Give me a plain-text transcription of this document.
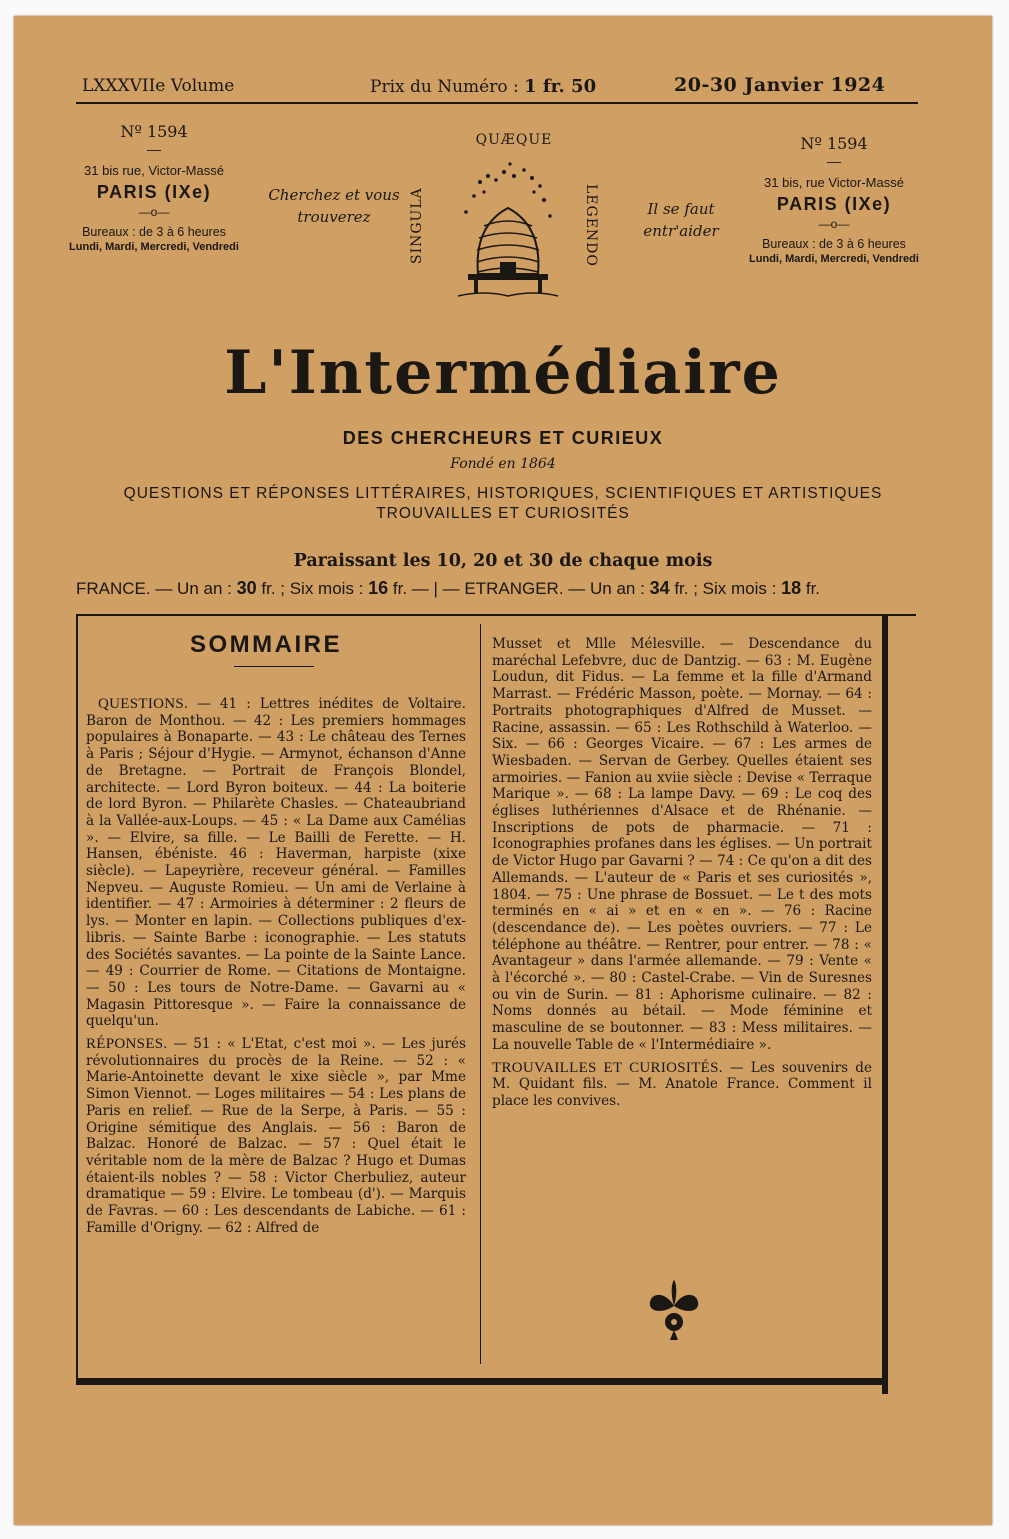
LXXXVIIe Volume	Prix du Numéro : 1 fr. 50	20-30 Janvier 1924
Nº 1594
—
31 bis rue, Victor-Massé
PARIS (IXe)
—o—
Bureaux : de 3 à 6 heures
Lundi, Mardi, Mercredi, Vendredi
Cherchez et vous
trouverez
QUÆQUE
SINGULA	LEGENDO	Il se faut
entr'aider
Nº 1594
—
31 bis, rue Victor-Massé
PARIS (IXe)
—o—
Bureaux : de 3 à 6 heures
Lundi, Mardi, Mercredi, Vendredi
L'Intermédiaire
DES CHERCHEURS ET CURIEUX
Fondé en 1864
QUESTIONS ET RÉPONSES LITTÉRAIRES, HISTORIQUES, SCIENTIFIQUES ET ARTISTIQUES
TROUVAILLES ET CURIOSITÉS
Paraissant les 10, 20 et 30 de chaque mois
FRANCE. — Un an : 30 fr. ; Six mois : 16 fr. — | — ETRANGER. — Un an : 34 fr. ; Six mois : 18 fr.
SOMMAIRE

QUESTIONS. — 41 : Lettres inédites de Voltaire. Baron de Monthou. — 42 : Les premiers hommages populaires à Bonaparte. — 43 : Le château des Ternes à Paris ; Séjour d'Hygie. — Armynot, échanson d'Anne de Bretagne. — Portrait de François Blondel, architecte. — Lord Byron boiteux. — 44 : La boiterie de lord Byron. — Philarète Chasles. — Chateaubriand à la Vallée-aux-Loups. — 45 : « La Dame aux Camélias ». — Elvire, sa fille. — Le Bailli de Ferette. — H. Hansen, ébéniste. 46 : Haverman, harpiste (xixe siècle). — Lapeyrière, receveur général. — Familles Nepveu. — Auguste Romieu. — Un ami de Verlaine à identifier. — 47 : Armoiries à déterminer : 2 fleurs de lys. — Monter en lapin. — Collections publiques d'ex-libris. — Sainte Barbe : iconographie. — Les statuts des Sociétés savantes. — La pointe de la Sainte Lance. — 49 : Courrier de Rome. — Citations de Montaigne. — 50 : Les tours de Notre-Dame. — Gavarni au « Magasin Pittoresque ». — Faire la connaissance de quelqu'un.

RÉPONSES. — 51 : « L'Etat, c'est moi ». — Les jurés révolutionnaires du procès de la Reine. — 52 : « Marie-Antoinette devant le xixe siècle », par Mme Simon Viennot. — Loges militaires — 54 : Les plans de Paris en relief. — Rue de la Serpe, à Paris. — 55 : Origine sémitique des Anglais. — 56 : Baron de Balzac. Honoré de Balzac. — 57 : Quel était le véritable nom de la mère de Balzac ? Hugo et Dumas étaient-ils nobles ? — 58 : Victor Cherbuliez, auteur dramatique — 59 : Elvire. Le tombeau (d'). — Marquis de Favras. — 60 : Les descendants de Labiche. — 61 : Famille d'Origny. — 62 : Alfred de

Musset et Mlle Mélesville. — Descendance du maréchal Lefebvre, duc de Dantzig. — 63 : M. Eugène Loudun, dit Fidus. — La femme et la fille d'Armand Marrast. — Frédéric Masson, poète. — Mornay. — 64 : Portraits photographiques d'Alfred de Musset. — Racine, assassin. — 65 : Les Rothschild à Waterloo. — Six. — 66 : Georges Vicaire. — 67 : Les armes de Wiesbaden. — Servan de Gerbey. Quelles étaient ses armoiries. — Fanion au xviie siècle : Devise « Terraque Marique ». — 68 : La lampe Davy. — 69 : Le coq des églises luthériennes d'Alsace et de Rhénanie. — Inscriptions de pots de pharmacie. — 71 : Iconographies profanes dans les églises. — Un portrait de Victor Hugo par Gavarni ? — 74 : Ce qu'on a dit des Allemands. — L'auteur de « Paris et ses curiosités », 1804. — 75 : Une phrase de Bossuet. — Le t des mots terminés en « ai » et en « en ». — 76 : Racine (descendance de). — Les poètes ouvriers. — 77 : Le téléphone au théâtre. — Rentrer, pour entrer. — 78 : « Avantageur » dans l'armée allemande. — 79 : Vente « à l'écorché ». — 80 : Castel-Crabe. — Vin de Suresnes ou vin de Surin. — 81 : Aphorisme culinaire. — 82 : Noms donnés au bétail. — Mode féminine et masculine de se boutonner. — 83 : Mess militaires. — La nouvelle Table de « l'Intermédiaire ».

TROUVAILLES ET CURIOSITÉS. — Les souvenirs de M. Quidant fils. — M. Anatole France. Comment il place les convives.
